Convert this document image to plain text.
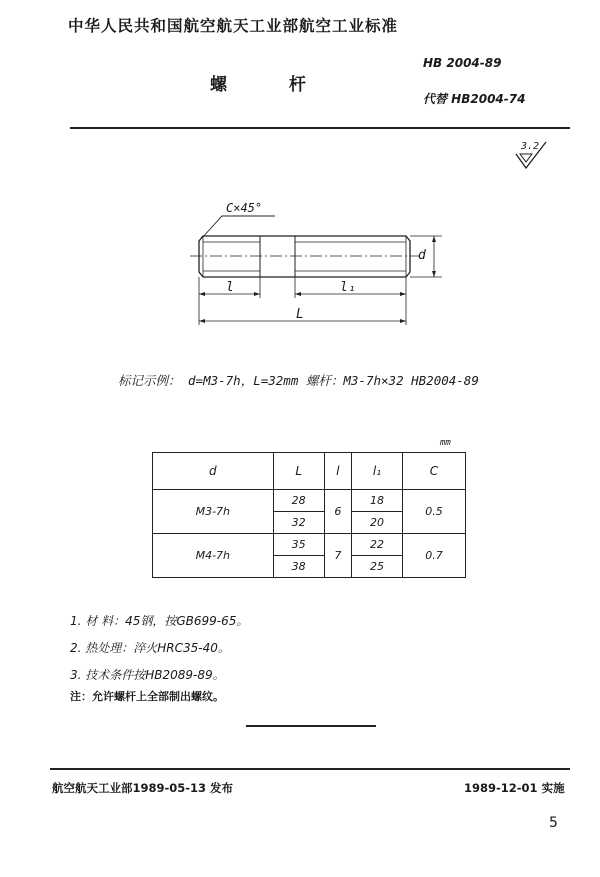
中华人民共和国航空航天工业部航空工业标准
螺 杆
HB 2004-89
代替 HB2004-74
3.2
C×45°
d
l	l₁
L
标记示例： d=M3-7h，L=32mm 螺杆：M3-7h×32 HB2004-89
mm
d	L	l	l₁	C
M3-7h	28	6	18	0.5
	32		20	
M4-7h	35	7	22	0.7
	38		25	
1. 材 料：45钢，按GB699-65。
2. 热处理：淬火HRC35-40。
3. 技术条件按HB2089-89。
注：允许螺杆上全部制出螺纹。
航空航天工业部1989-05-13 发布	1989-12-01 实施
5
